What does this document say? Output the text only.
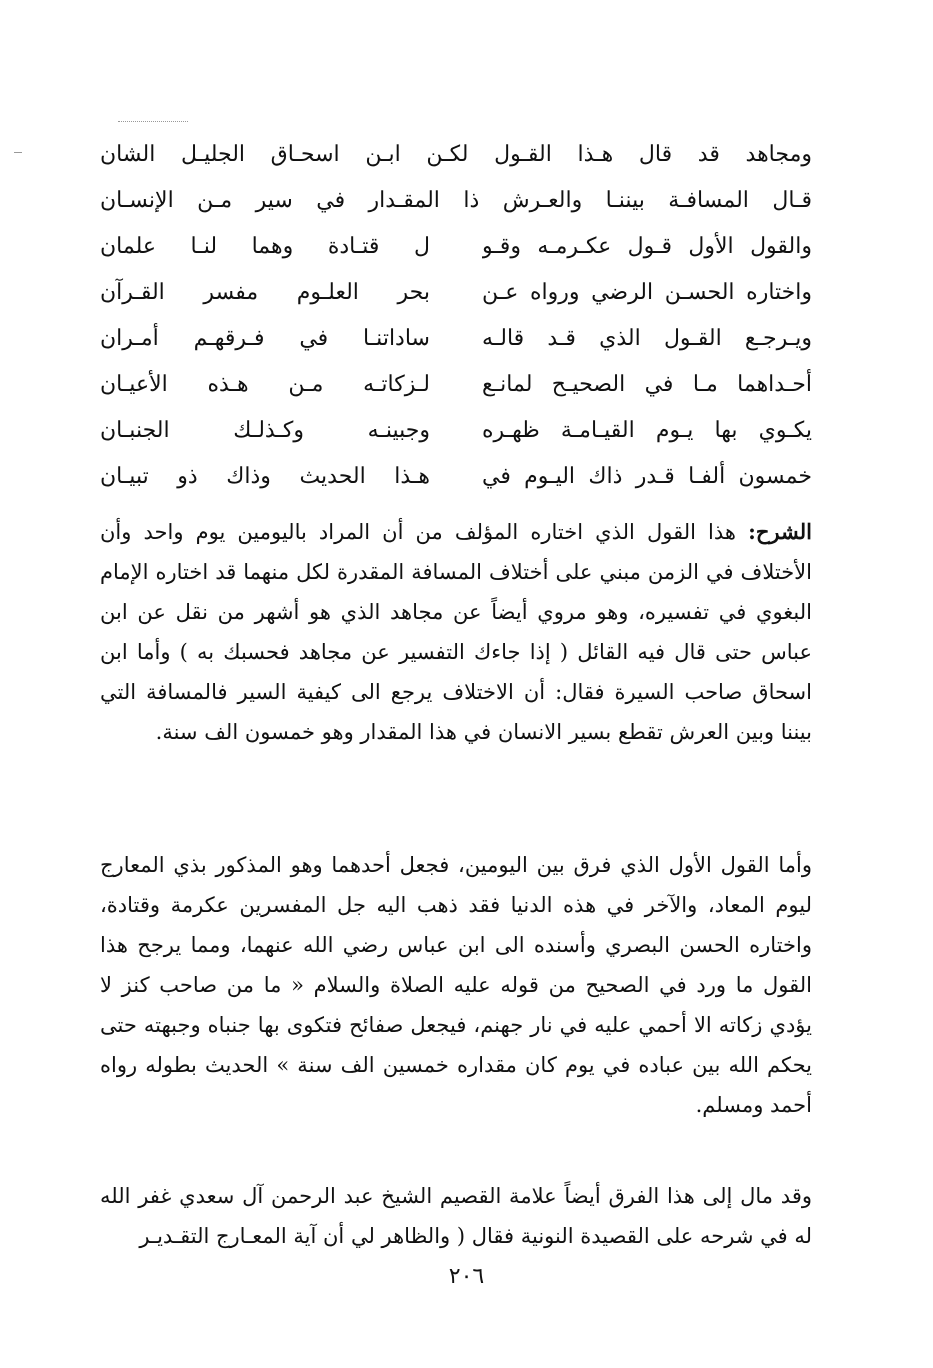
ومجاهد قد قال هـذا القـول لكـن ابـن اسحـاق الجليـل الشان
قـال المسافـة بيننـا والعـرش ذا المقـدار في سير مـن الإنسـان
والقول الأول قـول عكـرمـه وقـو
ل قتـادة وهما لنـا علمان
واختاره الحسـن الرضي ورواه عـن
بحر العلـوم مفسر القـرآن
ويـرجـع القـول الذي قـد قالـه
ساداتنـا في فـرقهـم أمـران
أحـداهما مـا في الصحيـح لمانـع
لـزكاتـه مـن هـذه الأعيـان
يكـوي بها يـوم القيـامـة ظهـره
وجبينـه وكـذلـك الجنبـان
خمسون ألفـا قـدر ذاك اليـوم في
هـذا الحديث وذاك ذو تبيـان
الشرح: هذا القول الذي اختاره المؤلف من أن المراد باليومين يوم واحد وأن الأختلاف في الزمن مبني على أختلاف المسافة المقدرة لكل منهما قد اختاره الإمام البغوي في تفسيره، وهو مروي أيضاً عن مجاهد الذي هو أشهر من نقل عن ابن عباس حتى قال فيه القائل ( إذا جاءك التفسير عن مجاهد فحسبك به ) وأما ابن اسحاق صاحب السيرة فقال: أن الاختلاف يرجع الى كيفية السير فالمسافة التي بيننا وبين العرش تقطع بسير الانسان في هذا المقدار وهو خمسون الف سنة.
وأما القول الأول الذي فرق بين اليومين، فجعل أحدهما وهو المذكور بذي المعارج ليوم المعاد، والآخر في هذه الدنيا فقد ذهب اليه جل المفسرين عكرمة وقتادة، واختاره الحسن البصري وأسنده الى ابن عباس رضي الله عنهما، ومما يرجح هذا القول ما ورد في الصحيح من قوله عليه الصلاة والسلام « ما من صاحب كنز لا يؤدي زكاته الا أحمي عليه في نار جهنم، فيجعل صفائح فتكوى بها جنباه وجبهته حتى يحكم الله بين عباده في يوم كان مقداره خمسين الف سنة » الحديث بطوله رواه أحمد ومسلم.
وقد مال إلى هذا الفرق أيضاً علامة القصيم الشيخ عبد الرحمن آل سعدي غفر الله له في شرحه على القصيدة النونية فقال ( والظاهر لي أن آية المعـارج التقـديـر
٢٠٦
